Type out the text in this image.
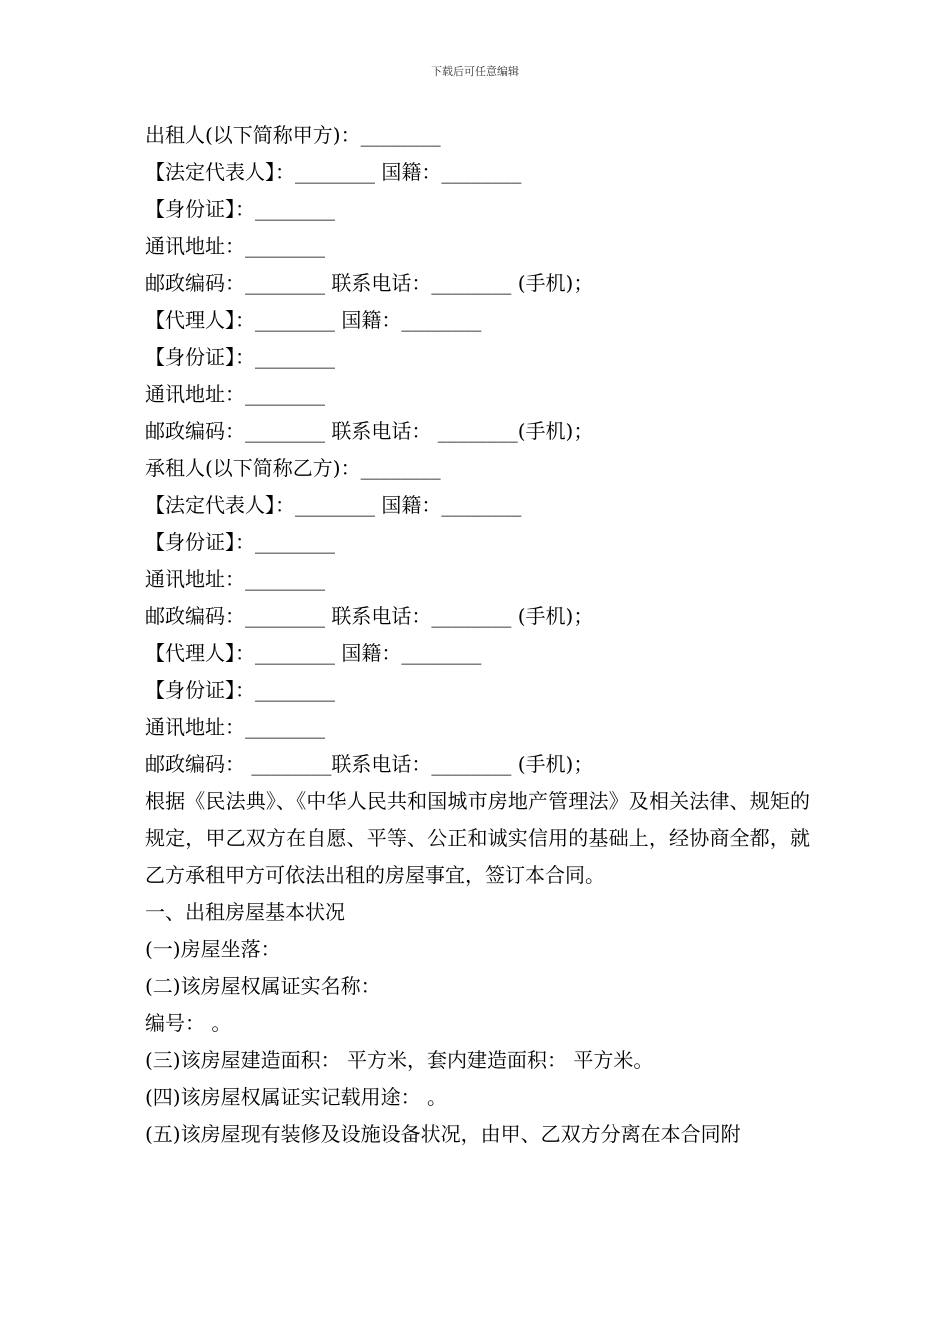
下载后可任意编辑
出租人(以下简称甲方)：________
【法定代表人】：________ 国籍：________
【身份证】：________
通讯地址：________
邮政编码：________ 联系电话：________ (手机)；
【代理人】：________ 国籍：________
【身份证】：________
通讯地址：________
邮政编码：________ 联系电话： ________(手机)；
承租人(以下简称乙方)：________
【法定代表人】：________ 国籍：________
【身份证】：________
通讯地址：________
邮政编码：________ 联系电话：________ (手机)；
【代理人】：________ 国籍：________
【身份证】：________
通讯地址：________
邮政编码： ________联系电话：________ (手机)；
根据《民法典》、《中华人民共和国城市房地产管理法》及相关法律、规矩的规定，甲乙双方在自愿、平等、公正和诚实信用的基础上，经协商全都，就乙方承租甲方可依法出租的房屋事宜，签订本合同。
一、出租房屋基本状况
(一)房屋坐落：
(二)该房屋权属证实名称：
编号： 。
(三)该房屋建造面积： 平方米，套内建造面积： 平方米。
(四)该房屋权属证实记载用途： 。
(五)该房屋现有装修及设施设备状况，由甲、乙双方分离在本合同附
